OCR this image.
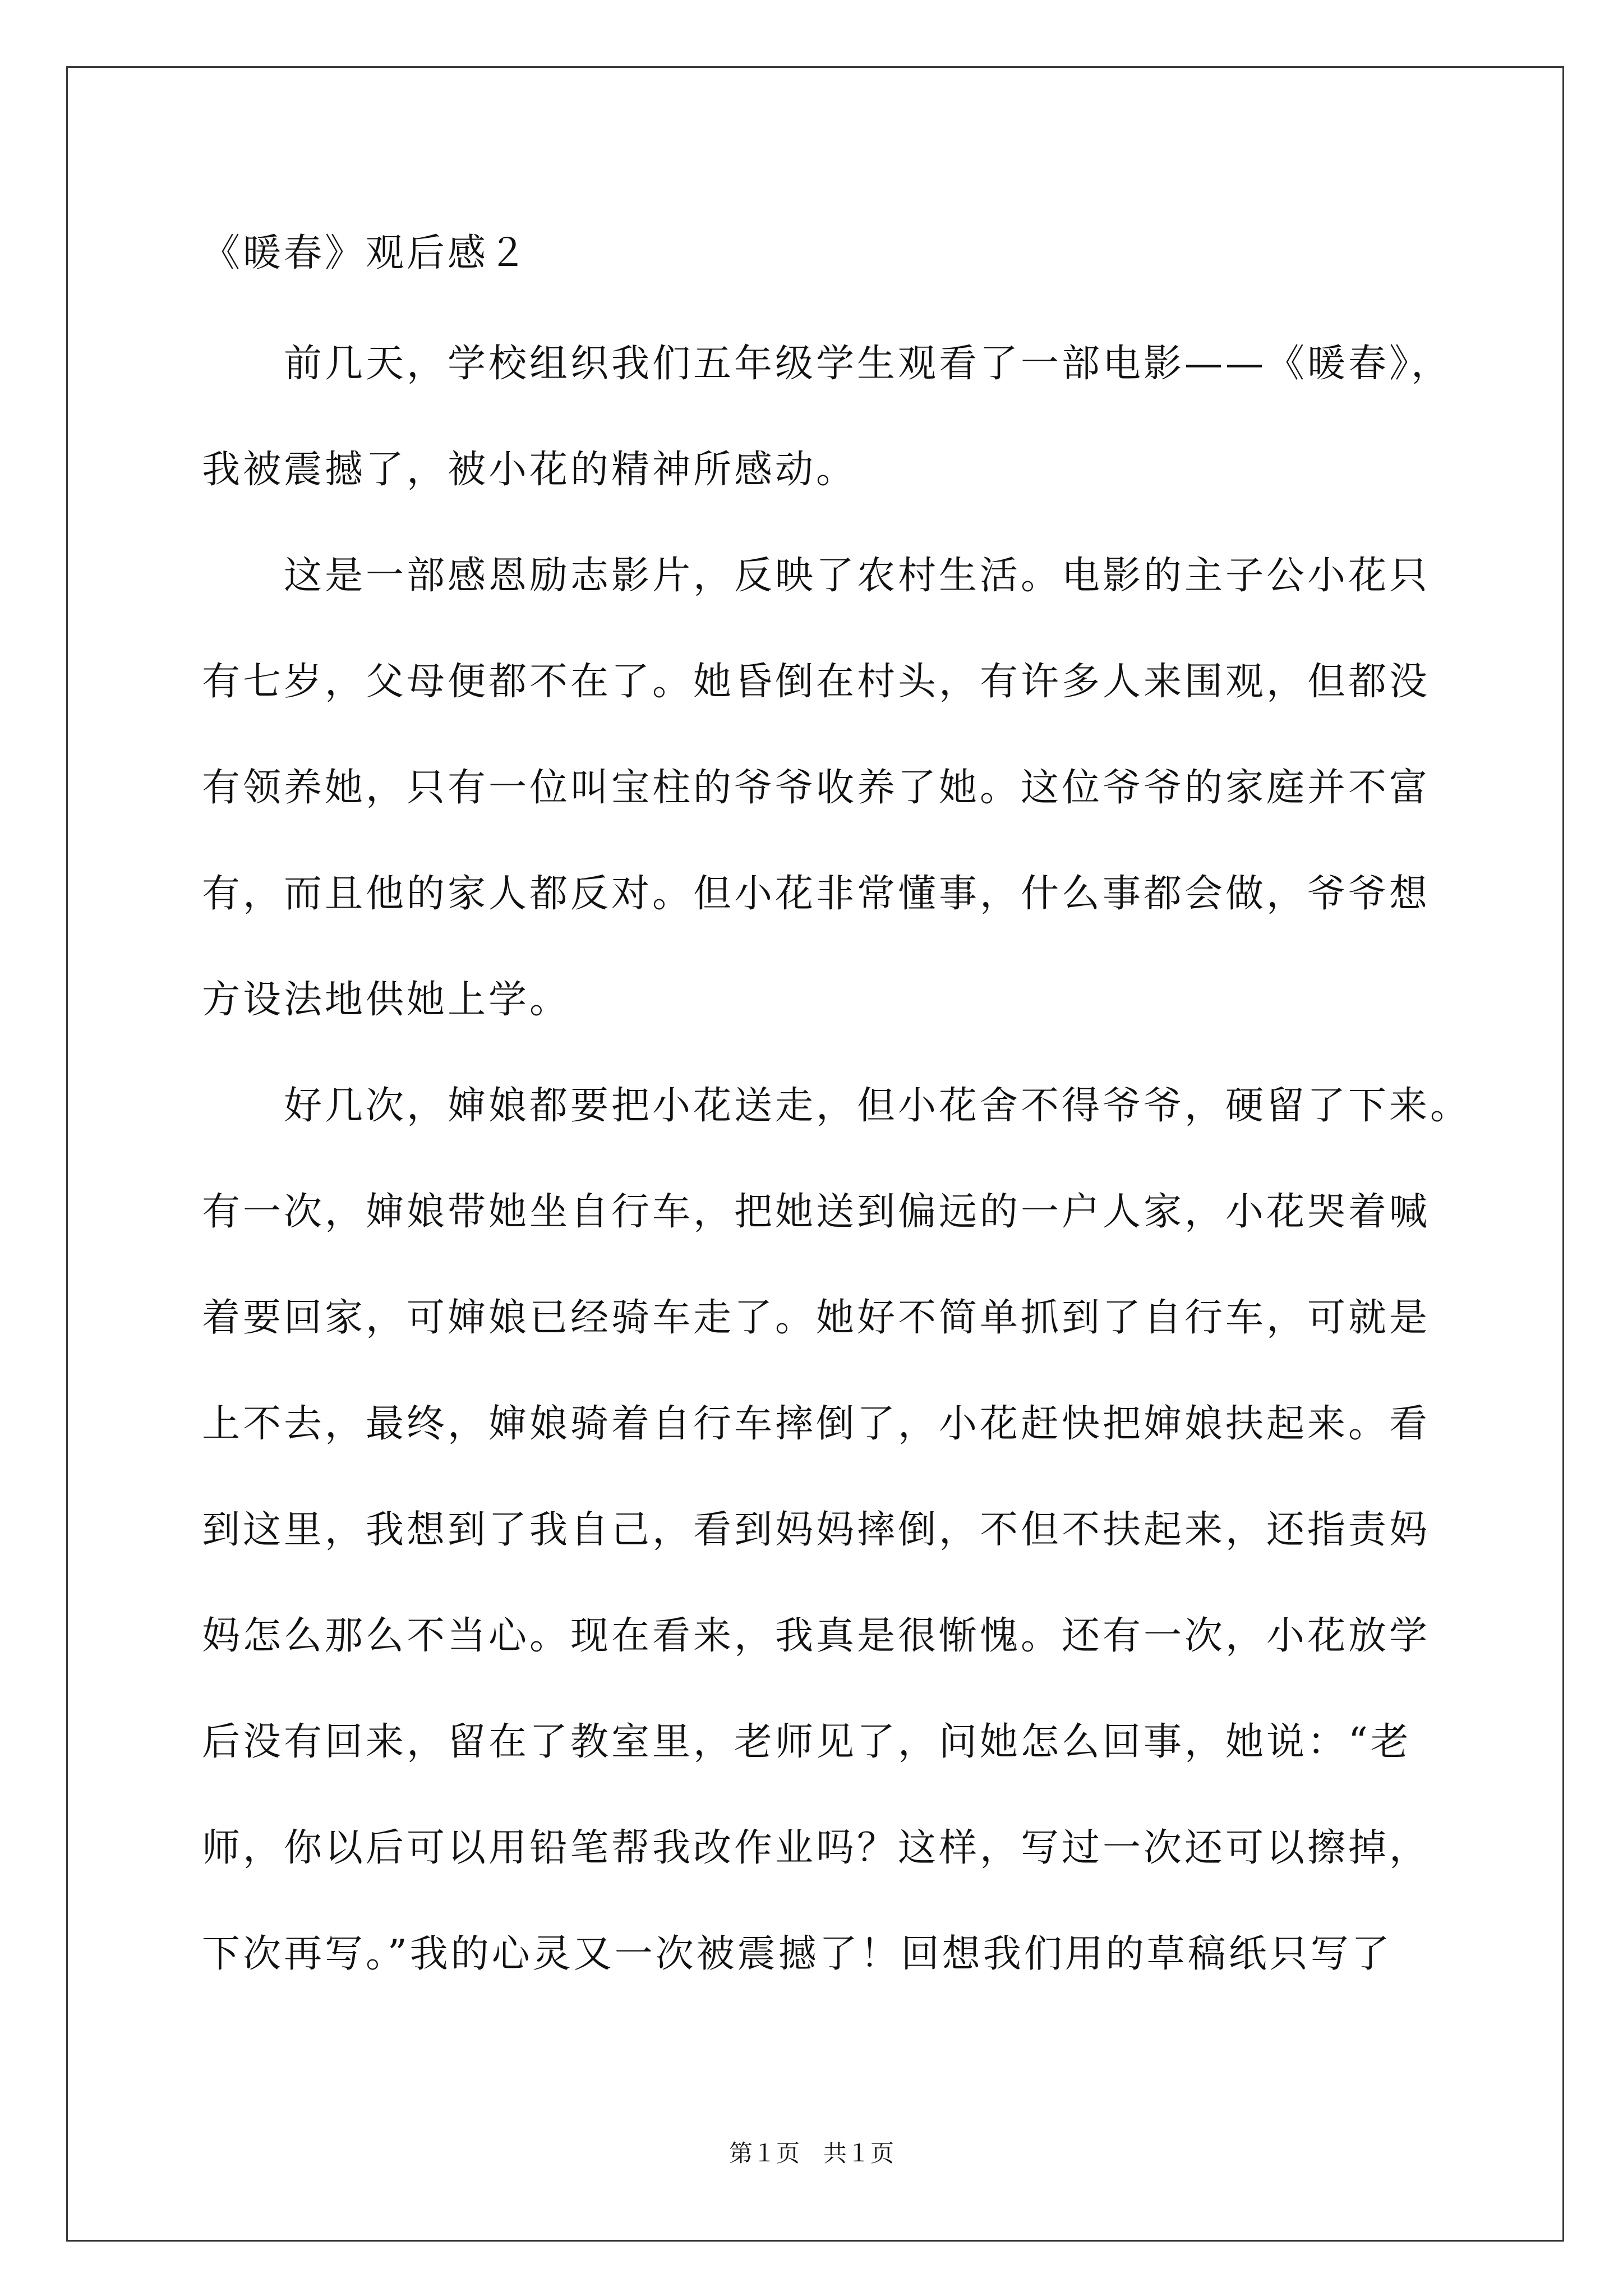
《暖春》观后感２
前几天，学校组织我们五年级学生观看了一部电影——《暖春》，
我被震撼了，被小花的精神所感动。
这是一部感恩励志影片，反映了农村生活。电影的主子公小花只
有七岁，父母便都不在了。她昏倒在村头，有许多人来围观，但都没
有领养她，只有一位叫宝柱的爷爷收养了她。这位爷爷的家庭并不富
有，而且他的家人都反对。但小花非常懂事，什么事都会做，爷爷想
方设法地供她上学。
好几次，婶娘都要把小花送走，但小花舍不得爷爷，硬留了下来。
有一次，婶娘带她坐自行车，把她送到偏远的一户人家，小花哭着喊
着要回家，可婶娘已经骑车走了。她好不简单抓到了自行车，可就是
上不去，最终，婶娘骑着自行车摔倒了，小花赶快把婶娘扶起来。看
到这里，我想到了我自己，看到妈妈摔倒，不但不扶起来，还指责妈
妈怎么那么不当心。现在看来，我真是很惭愧。还有一次，小花放学
后没有回来，留在了教室里，老师见了，问她怎么回事，她说：“老
师，你以后可以用铅笔帮我改作业吗？这样，写过一次还可以擦掉，
下次再写。”我的心灵又一次被震撼了！回想我们用的草稿纸只写了
第１页　共１页
